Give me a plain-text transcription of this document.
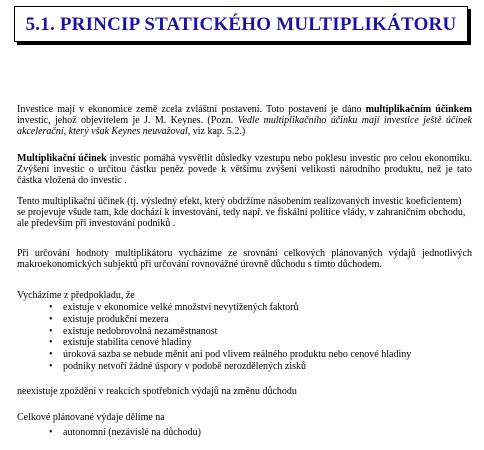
5.1. PRINCIP STATICKÉHO MULTIPLIKÁTORU

Investice mají v ekonomice země zcela zvláštní postavení. Toto postavení je dáno multiplikačním účinkem investic, jehož objevitelem je J. M. Keynes. (Pozn. Vedle multiplikačního účinku mají investice ještě účinek akcelerační, který však Keynes neuvažoval, viz kap. 5.2.)

Multiplikační účinek investic pomáhá vysvětlit důsledky vzestupu nebo poklesu investic pro celou ekonomiku. Zvýšení investic o určitou částku peněz povede k většímu zvýšení velikosti národního produktu, než je tato částka vložená do investic .

Tento multiplikační účinek (tj. výsledný efekt, který obdržíme násobením realizovaných investic koeficientem) se projevuje všude tam, kde dochází k investování, tedy např. ve fiskální politice vlády, v zahraničním obchodu, ale především při investování podniků .

Při určování hodnoty multiplikátoru vycházíme ze srovnání celkových plánovaných výdajů jednotlivých makroekonomických subjektů při určování rovnovážné úrovně důchodu s tímto důchodem.

Vycházíme z předpokladu, že

• existuje v ekonomice velké množství nevytížených faktorů
• existuje produkční mezera
• existuje nedobrovolná nezaměstnanost
• existuje stabilita cenové hladiny
• úroková sazba se nebude měnit ani pod vlivem reálného produktu nebo cenové hladiny
• podniky netvoří žádné úspory v podobě nerozdělených zisků

neexistuje zpoždění v reakcích spotřebních výdajů na změnu důchodu

Celkové plánované výdaje dělíme na

• autonomní (nezávislé na důchodu)
